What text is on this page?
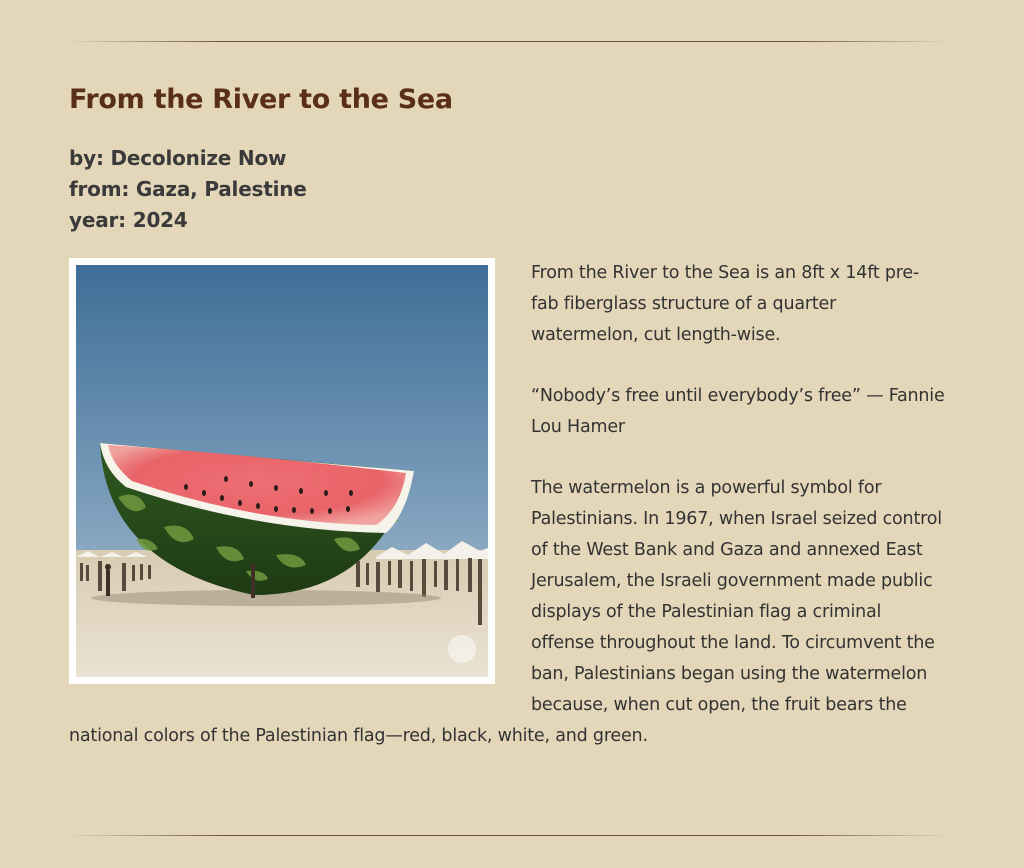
From the River to the Sea
by: Decolonize Now
from: Gaza, Palestine
year: 2024

From the River to the Sea is an 8ft x 14ft pre-fab fiberglass structure of a quarter watermelon, cut length-wise.

“Nobody’s free until everybody’s free” — Fannie Lou Hamer

The watermelon is a powerful symbol for Palestinians. In 1967, when Israel seized control of the West Bank and Gaza and annexed East Jerusalem, the Israeli government made public displays of the Palestinian flag a criminal offense throughout the land. To circumvent the ban, Palestinians began using the watermelon because, when cut open, the fruit bears the national colors of the Palestinian flag—red, black, white, and green.
